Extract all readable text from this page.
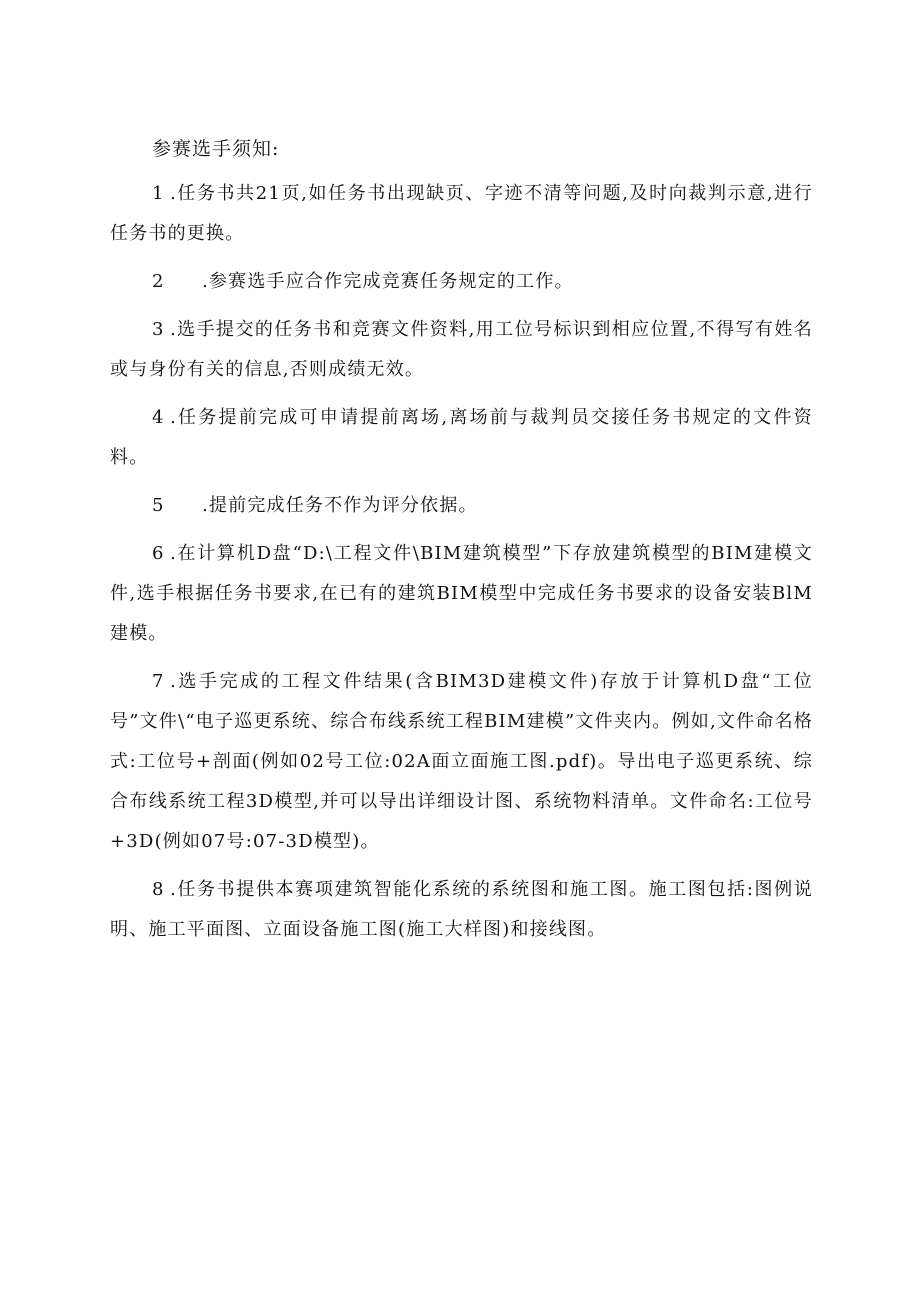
参赛选手须知:

1 .任务书共21页,如任务书出现缺页、字迹不清等问题,及时向裁判示意,进行任务书的更换。

2 .参赛选手应合作完成竞赛任务规定的工作。

3 .选手提交的任务书和竞赛文件资料,用工位号标识到相应位置,不得写有姓名或与身份有关的信息,否则成绩无效。

4 .任务提前完成可申请提前离场,离场前与裁判员交接任务书规定的文件资料。

5 .提前完成任务不作为评分依据。

6 .在计算机D盘“D:\工程文件\BIM建筑模型”下存放建筑模型的BIM建模文件,选手根据任务书要求,在已有的建筑BIM模型中完成任务书要求的设备安装BlM建模。

7 .选手完成的工程文件结果(含BIM3D建模文件)存放于计算机D盘“工位号”文件\“电子巡更系统、综合布线系统工程BIM建模”文件夹内。例如,文件命名格式:工位号+剖面(例如02号工位:02A面立面施工图.pdf)。导出电子巡更系统、综合布线系统工程3D模型,并可以导出详细设计图、系统物料清单。文件命名:工位号+3D(例如07号:07-3D模型)。

8 .任务书提供本赛项建筑智能化系统的系统图和施工图。施工图包括:图例说明、施工平面图、立面设备施工图(施工大样图)和接线图。
